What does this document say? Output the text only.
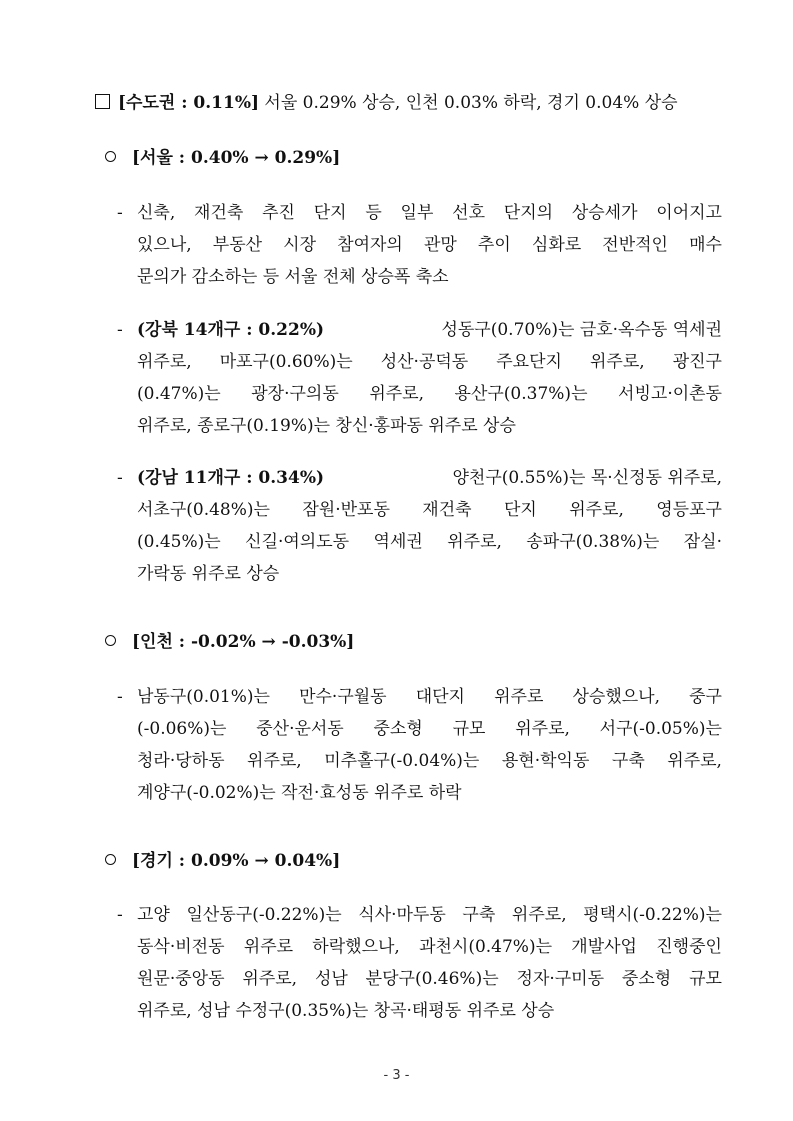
[수도권 : 0.11%] 서울 0.29% 상승, 인천 0.03% 하락, 경기 0.04% 상승
[서울 : 0.40% → 0.29%]
- 신축, 재건축 추진 단지 등 일부 선호 단지의 상승세가 이어지고
있으나, 부동산 시장 참여자의 관망 추이 심화로 전반적인 매수
문의가 감소하는 등 서울 전체 상승폭 축소
- (강북 14개구 : 0.22%)	성동구(0.70%)는 금호·옥수동 역세권
위주로, 마포구(0.60%)는 성산·공덕동 주요단지 위주로, 광진구
(0.47%)는 광장·구의동 위주로, 용산구(0.37%)는 서빙고·이촌동
위주로, 종로구(0.19%)는 창신·홍파동 위주로 상승
- (강남 11개구 : 0.34%)	양천구(0.55%)는 목·신정동 위주로,
서초구(0.48%)는 잠원·반포동 재건축 단지 위주로, 영등포구
(0.45%)는 신길·여의도동 역세권 위주로, 송파구(0.38%)는 잠실·
가락동 위주로 상승
[인천 : -0.02% → -0.03%]
- 남동구(0.01%)는 만수·구월동 대단지 위주로 상승했으나, 중구
(-0.06%)는 중산·운서동 중소형 규모 위주로, 서구(-0.05%)는
청라·당하동 위주로, 미추홀구(-0.04%)는 용현·학익동 구축 위주로,
계양구(-0.02%)는 작전·효성동 위주로 하락
[경기 : 0.09% → 0.04%]
- 고양 일산동구(-0.22%)는 식사·마두동 구축 위주로, 평택시(-0.22%)는
동삭·비전동 위주로 하락했으나, 과천시(0.47%)는 개발사업 진행중인
원문·중앙동 위주로, 성남 분당구(0.46%)는 정자·구미동 중소형 규모
위주로, 성남 수정구(0.35%)는 창곡·태평동 위주로 상승
- 3 -
